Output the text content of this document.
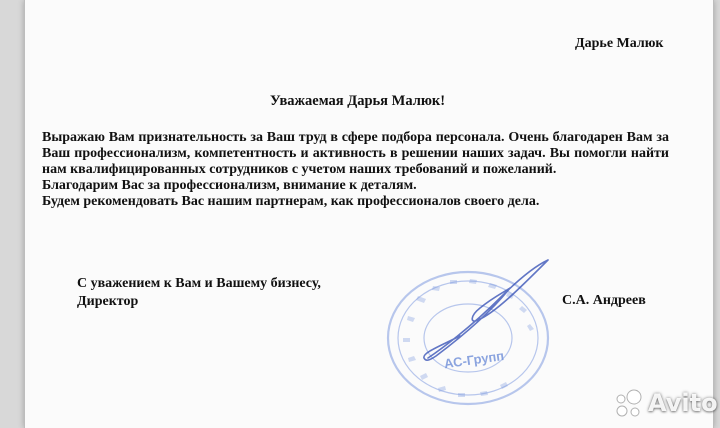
Дарье Малюк
Уважаемая Дарья Малюк!

Выражаю Вам признательность за Ваш труд в сфере подбора персонала. Очень благодарен Вам за Ваш профессионализм, компетентность и активность в решении наших задач. Вы помогли найти нам квалифицированных сотрудников с учетом наших требований и пожеланий.

Благодарим Вас за профессионализм, внимание к деталям.

Будем рекомендовать Вас нашим партнерам, как профессионалов своего дела.

С уважением к Вам и Вашему бизнесу,
Директор	С.А. Андреев
АС-Групп
Avito
